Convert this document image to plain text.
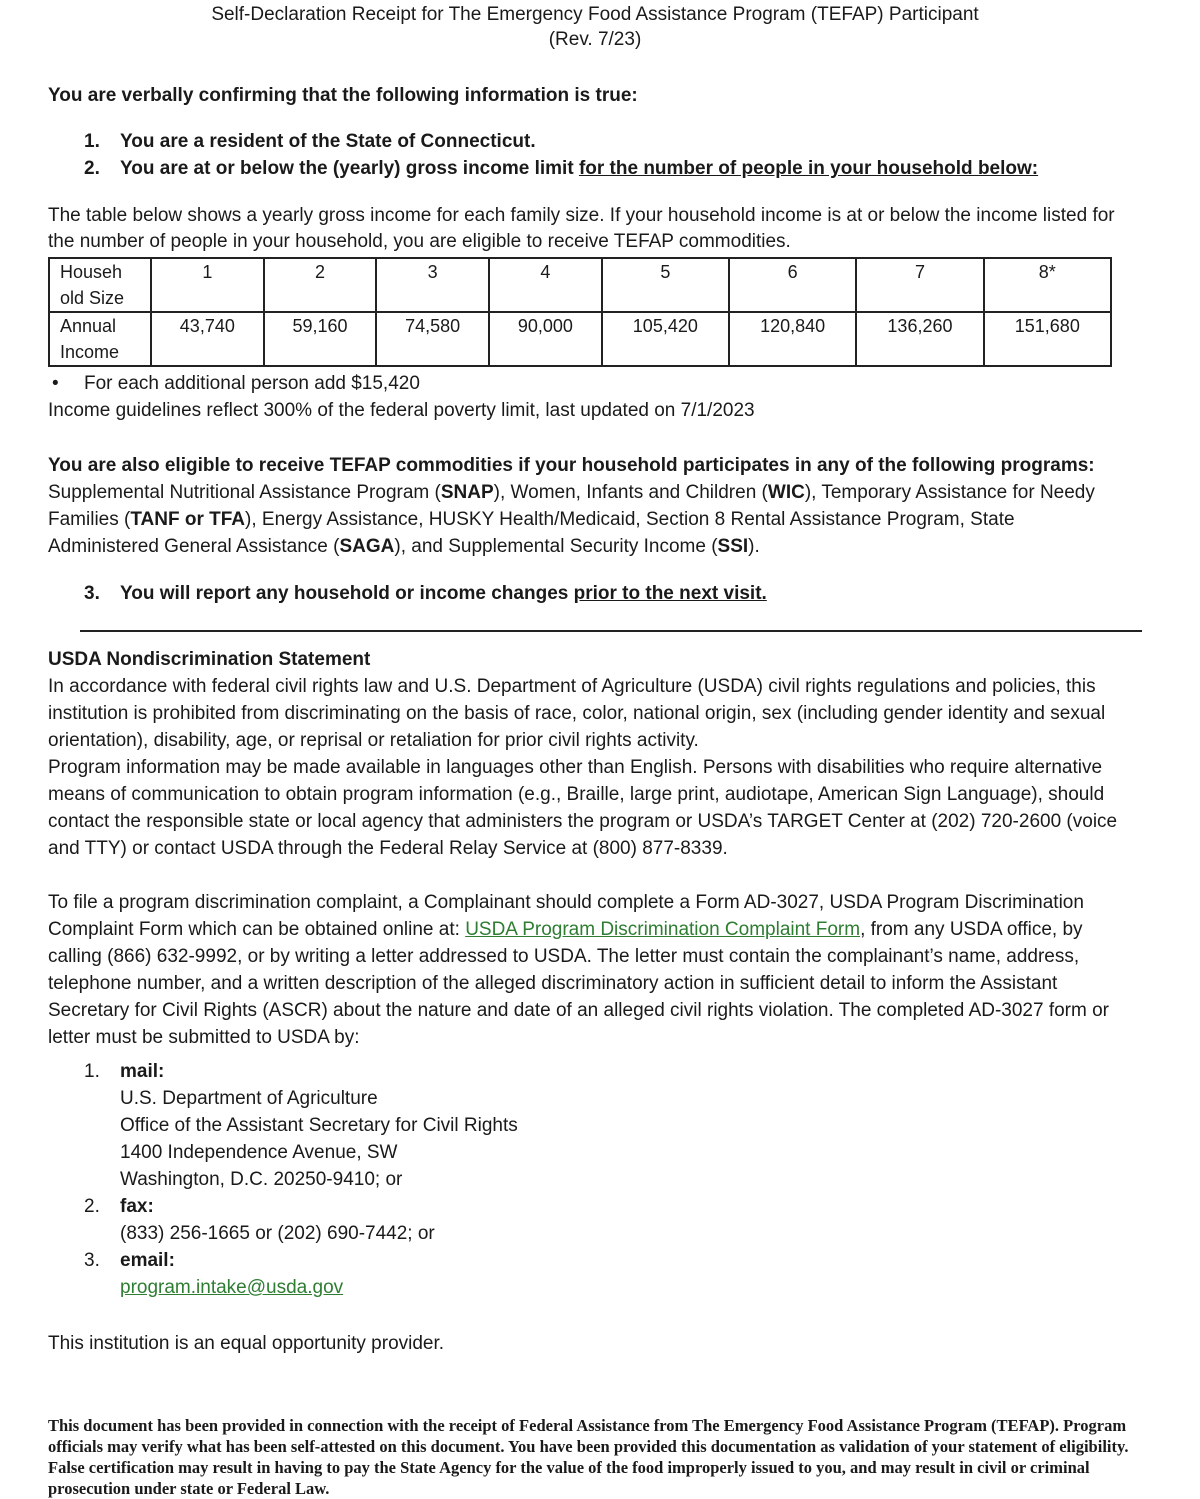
Self-Declaration Receipt for The Emergency Food Assistance Program (TEFAP) Participant
(Rev. 7/23)
You are verbally confirming that the following information is true:
1. You are a resident of the State of Connecticut.
2. You are at or below the (yearly) gross income limit for the number of people in your household below:
The table below shows a yearly gross income for each family size. If your household income is at or below the income listed for the number of people in your household, you are eligible to receive TEFAP commodities.
Househ old Size	1	2	3	4	5	6	7	8*
Annual Income	43,740	59,160	74,580	90,000	105,420	120,840	136,260	151,680
• For each additional person add $15,420
Income guidelines reflect 300% of the federal poverty limit, last updated on 7/1/2023
You are also eligible to receive TEFAP commodities if your household participates in any of the following programs: Supplemental Nutritional Assistance Program (SNAP), Women, Infants and Children (WIC), Temporary Assistance for Needy Families (TANF or TFA), Energy Assistance, HUSKY Health/Medicaid, Section 8 Rental Assistance Program, State Administered General Assistance (SAGA), and Supplemental Security Income (SSI).
3. You will report any household or income changes prior to the next visit.
USDA Nondiscrimination Statement
In accordance with federal civil rights law and U.S. Department of Agriculture (USDA) civil rights regulations and policies, this institution is prohibited from discriminating on the basis of race, color, national origin, sex (including gender identity and sexual orientation), disability, age, or reprisal or retaliation for prior civil rights activity.
Program information may be made available in languages other than English. Persons with disabilities who require alternative means of communication to obtain program information (e.g., Braille, large print, audiotape, American Sign Language), should contact the responsible state or local agency that administers the program or USDA’s TARGET Center at (202) 720-2600 (voice and TTY) or contact USDA through the Federal Relay Service at (800) 877-8339.
To file a program discrimination complaint, a Complainant should complete a Form AD-3027, USDA Program Discrimination Complaint Form which can be obtained online at: USDA Program Discrimination Complaint Form, from any USDA office, by calling (866) 632-9992, or by writing a letter addressed to USDA. The letter must contain the complainant’s name, address, telephone number, and a written description of the alleged discriminatory action in sufficient detail to inform the Assistant Secretary for Civil Rights (ASCR) about the nature and date of an alleged civil rights violation. The completed AD-3027 form or letter must be submitted to USDA by:
1. mail:
U.S. Department of Agriculture
Office of the Assistant Secretary for Civil Rights
1400 Independence Avenue, SW
Washington, D.C. 20250-9410; or
2. fax:
(833) 256-1665 or (202) 690-7442; or
3. email:
program.intake@usda.gov
This institution is an equal opportunity provider.
This document has been provided in connection with the receipt of Federal Assistance from The Emergency Food Assistance Program (TEFAP). Program officials may verify what has been self-attested on this document. You have been provided this documentation as validation of your statement of eligibility. False certification may result in having to pay the State Agency for the value of the food improperly issued to you, and may result in civil or criminal prosecution under state or Federal Law.
